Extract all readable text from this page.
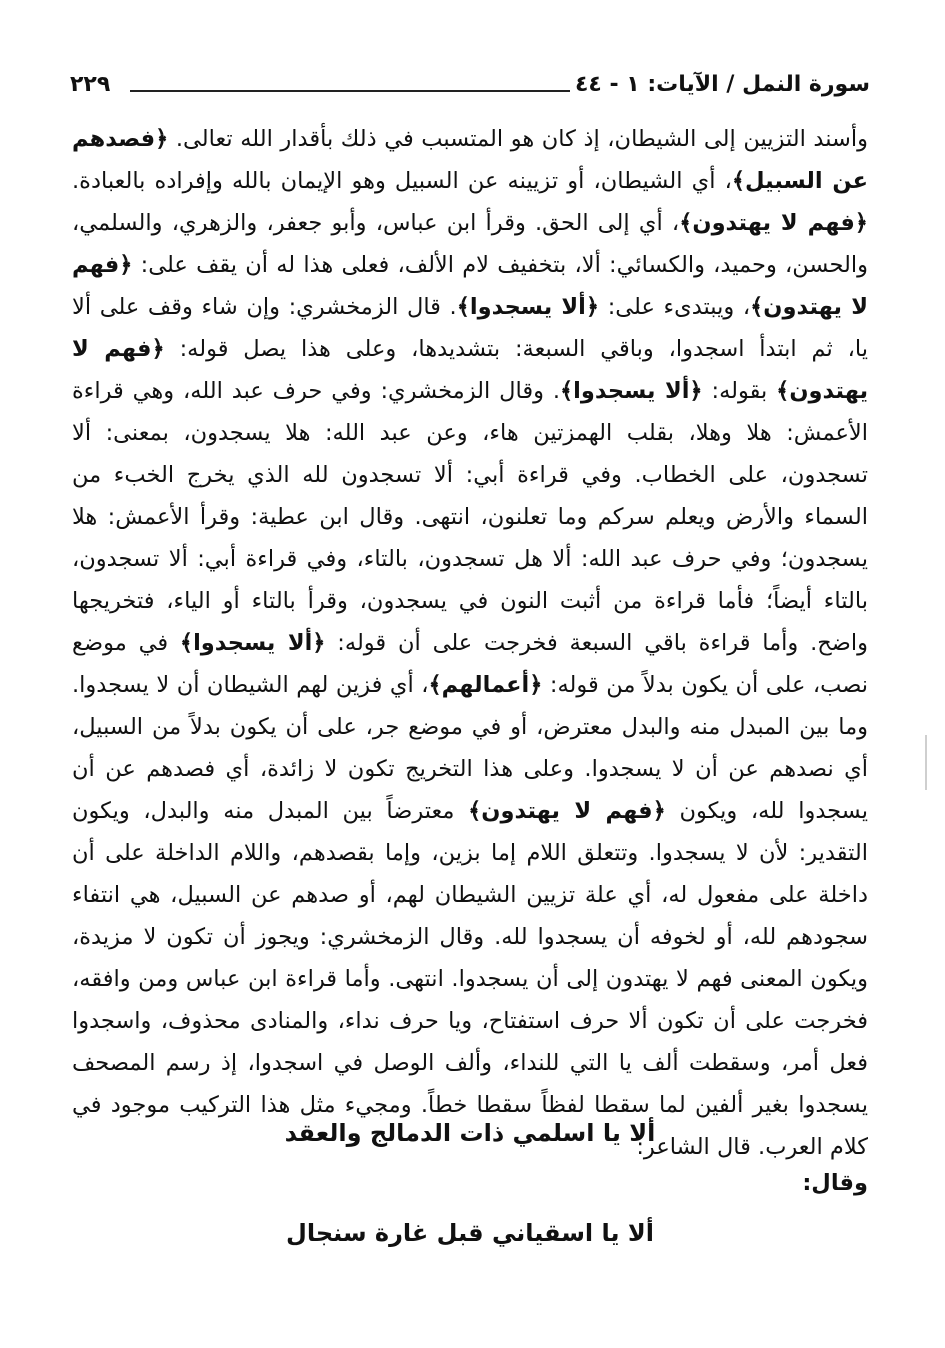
سورة النمل / الآيات: ١ - ٤٤
٢٢٩

وأسند التزيين إلى الشيطان، إذ كان هو المتسبب في ذلك بأقدار الله تعالى. ﴿فصدهم عن السبيل﴾، أي الشيطان، أو تزيينه عن السبيل وهو الإيمان بالله وإفراده بالعبادة. ﴿فهم لا يهتدون﴾، أي إلى الحق. وقرأ ابن عباس، وأبو جعفر، والزهري، والسلمي، والحسن، وحميد، والكسائي: ألا، بتخفيف لام الألف، فعلى هذا له أن يقف على: ﴿فهم لا يهتدون﴾، ويبتدىء على: ﴿ألا يسجدوا﴾. قال الزمخشري: وإن شاء وقف على ألا يا، ثم ابتدأ اسجدوا، وباقي السبعة: بتشديدها، وعلى هذا يصل قوله: ﴿فهم لا يهتدون﴾ بقوله: ﴿ألا يسجدوا﴾. وقال الزمخشري: وفي حرف عبد الله، وهي قراءة الأعمش: هلا وهلا، بقلب الهمزتين هاء، وعن عبد الله: هلا يسجدون، بمعنى: ألا تسجدون، على الخطاب. وفي قراءة أبي: ألا تسجدون لله الذي يخرج الخبء من السماء والأرض ويعلم سركم وما تعلنون، انتهى. وقال ابن عطية: وقرأ الأعمش: هلا يسجدون؛ وفي حرف عبد الله: ألا هل تسجدون، بالتاء، وفي قراءة أبي: ألا تسجدون، بالتاء أيضاً؛ فأما قراءة من أثبت النون في يسجدون، وقرأ بالتاء أو الياء، فتخريجها واضح. وأما قراءة باقي السبعة فخرجت على أن قوله: ﴿ألا يسجدوا﴾ في موضع نصب، على أن يكون بدلاً من قوله: ﴿أعمالهم﴾، أي فزين لهم الشيطان أن لا يسجدوا. وما بين المبدل منه والبدل معترض، أو في موضع جر، على أن يكون بدلاً من السبيل، أي نصدهم عن أن لا يسجدوا. وعلى هذا التخريج تكون لا زائدة، أي فصدهم عن أن يسجدوا لله، ويكون ﴿فهم لا يهتدون﴾ معترضاً بين المبدل منه والبدل، ويكون التقدير: لأن لا يسجدوا. وتتعلق اللام إما بزين، وإما بقصدهم، واللام الداخلة على أن داخلة على مفعول له، أي علة تزيين الشيطان لهم، أو صدهم عن السبيل، هي انتفاء سجودهم لله، أو لخوفه أن يسجدوا لله. وقال الزمخشري: ويجوز أن تكون لا مزيدة، ويكون المعنى فهم لا يهتدون إلى أن يسجدوا. انتهى. وأما قراءة ابن عباس ومن وافقه، فخرجت على أن تكون ألا حرف استفتاح، ويا حرف نداء، والمنادى محذوف، واسجدوا فعل أمر، وسقطت ألف يا التي للنداء، وألف الوصل في اسجدوا، إذ رسم المصحف يسجدوا بغير ألفين لما سقطا لفظاً سقطا خطاً. ومجيء مثل هذا التركيب موجود في كلام العرب. قال الشاعر:

ألا يا اسلمي ذات الدمالج والعقد
وقال:
ألا يا اسقياني قبل غارة سنجال
